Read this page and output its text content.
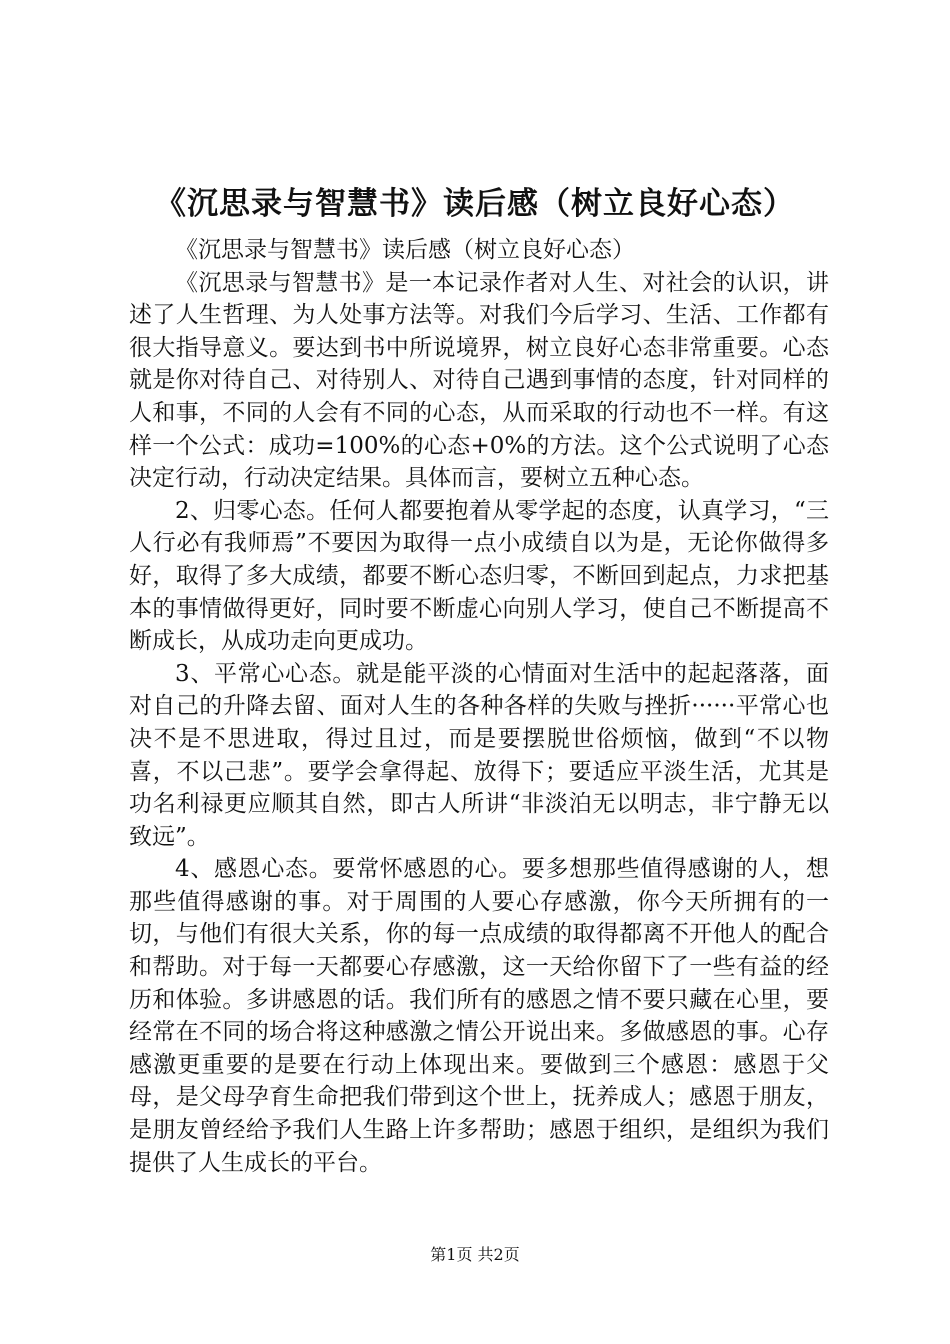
《沉思录与智慧书》读后感（树立良好心态）

《沉思录与智慧书》读后感（树立良好心态）

《沉思录与智慧书》是一本记录作者对人生、对社会的认识，讲述了人生哲理、为人处事方法等。对我们今后学习、生活、工作都有很大指导意义。要达到书中所说境界，树立良好心态非常重要。心态就是你对待自己、对待别人、对待自己遇到事情的态度，针对同样的人和事，不同的人会有不同的心态，从而采取的行动也不一样。有这样一个公式：成功=100%的心态+0%的方法。这个公式说明了心态决定行动，行动决定结果。具体而言，要树立五种心态。

2、归零心态。任何人都要抱着从零学起的态度，认真学习，“三人行必有我师焉”不要因为取得一点小成绩自以为是，无论你做得多好，取得了多大成绩，都要不断心态归零，不断回到起点，力求把基本的事情做得更好，同时要不断虚心向别人学习，使自己不断提高不断成长，从成功走向更成功。

3、平常心心态。就是能平淡的心情面对生活中的起起落落，面对自己的升降去留、面对人生的各种各样的失败与挫折······平常心也决不是不思进取，得过且过，而是要摆脱世俗烦恼，做到“不以物喜，不以己悲”。要学会拿得起、放得下；要适应平淡生活，尤其是功名利禄更应顺其自然，即古人所讲“非淡泊无以明志，非宁静无以致远”。

4、感恩心态。要常怀感恩的心。要多想那些值得感谢的人，想那些值得感谢的事。对于周围的人要心存感激，你今天所拥有的一切，与他们有很大关系，你的每一点成绩的取得都离不开他人的配合和帮助。对于每一天都要心存感激，这一天给你留下了一些有益的经历和体验。多讲感恩的话。我们所有的感恩之情不要只藏在心里，要经常在不同的场合将这种感激之情公开说出来。多做感恩的事。心存感激更重要的是要在行动上体现出来。要做到三个感恩：感恩于父母，是父母孕育生命把我们带到这个世上，抚养成人；感恩于朋友，是朋友曾经给予我们人生路上许多帮助；感恩于组织，是组织为我们提供了人生成长的平台。

第1页 共2页
